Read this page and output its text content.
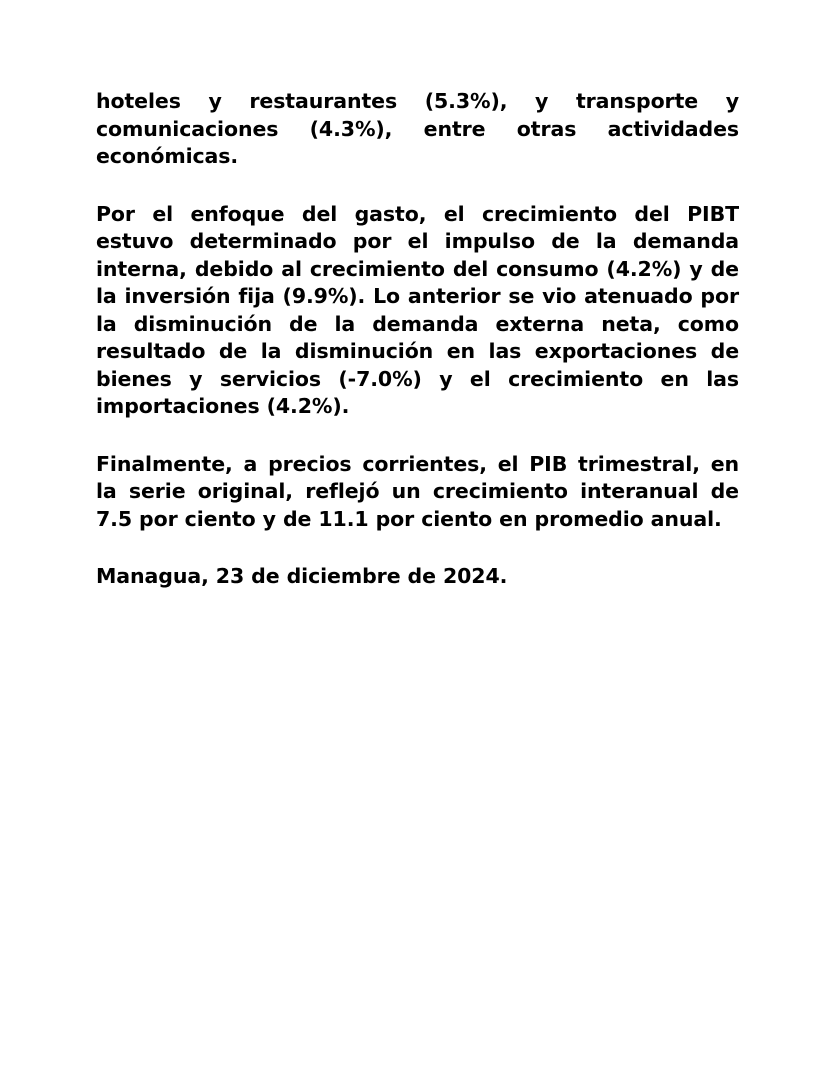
hoteles y restaurantes (5.3%), y transporte y comunicaciones (4.3%), entre otras actividades económicas.

Por el enfoque del gasto, el crecimiento del PIBT estuvo determinado por el impulso de la demanda interna, debido al crecimiento del consumo (4.2%) y de la inversión fija (9.9%). Lo anterior se vio atenuado por la disminución de la demanda externa neta, como resultado de la disminución en las exportaciones de bienes y servicios (-7.0%) y el crecimiento en las importaciones (4.2%).

Finalmente, a precios corrientes, el PIB trimestral, en la serie original, reflejó un crecimiento interanual de 7.5 por ciento y de 11.1 por ciento en promedio anual.

Managua, 23 de diciembre de 2024.
